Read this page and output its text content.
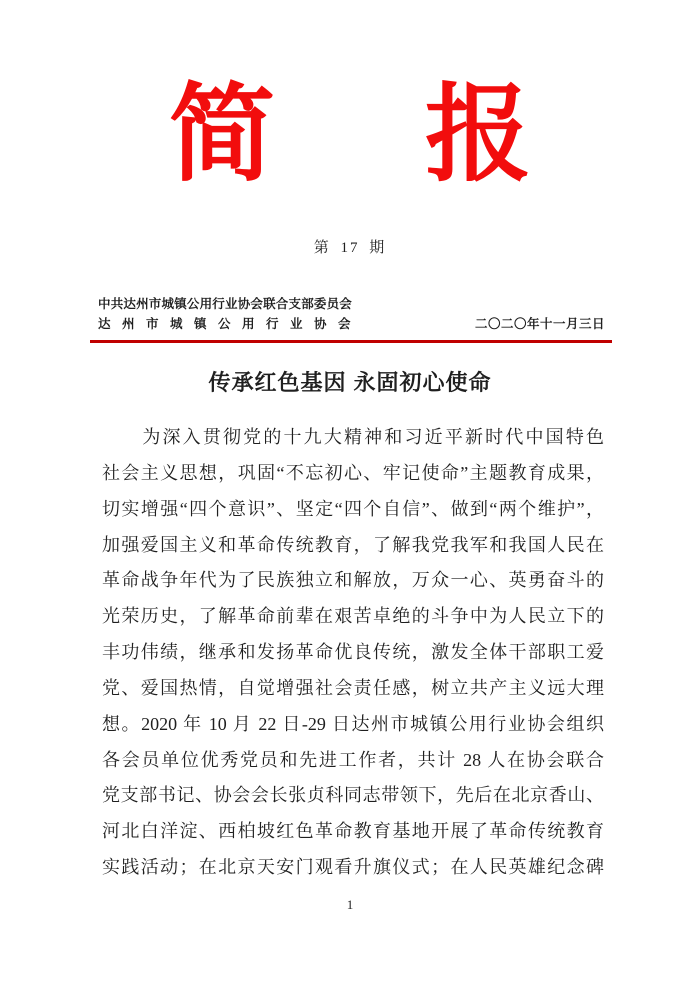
简 报
第 17 期
中共达州市城镇公用行业协会联合支部委员会
达州市城镇公用行业协会	二〇二〇年十一月三日
传承红色基因 永固初心使命
　　为深入贯彻党的十九大精神和习近平新时代中国特色
社会主义思想，巩固“不忘初心、牢记使命”主题教育成果，
切实增强“四个意识”、坚定“四个自信”、做到“两个维护”，
加强爱国主义和革命传统教育，了解我党我军和我国人民在
革命战争年代为了民族独立和解放，万众一心、英勇奋斗的
光荣历史，了解革命前辈在艰苦卓绝的斗争中为人民立下的
丰功伟绩，继承和发扬革命优良传统，激发全体干部职工爱
党、爱国热情，自觉增强社会责任感，树立共产主义远大理
想。2020 年 10 月 22 日-29 日达州市城镇公用行业协会组织
各会员单位优秀党员和先进工作者，共计 28 人在协会联合
党支部书记、协会会长张贞科同志带领下，先后在北京香山、
河北白洋淀、西柏坡红色革命教育基地开展了革命传统教育
实践活动；在北京天安门观看升旗仪式；在人民英雄纪念碑
1
